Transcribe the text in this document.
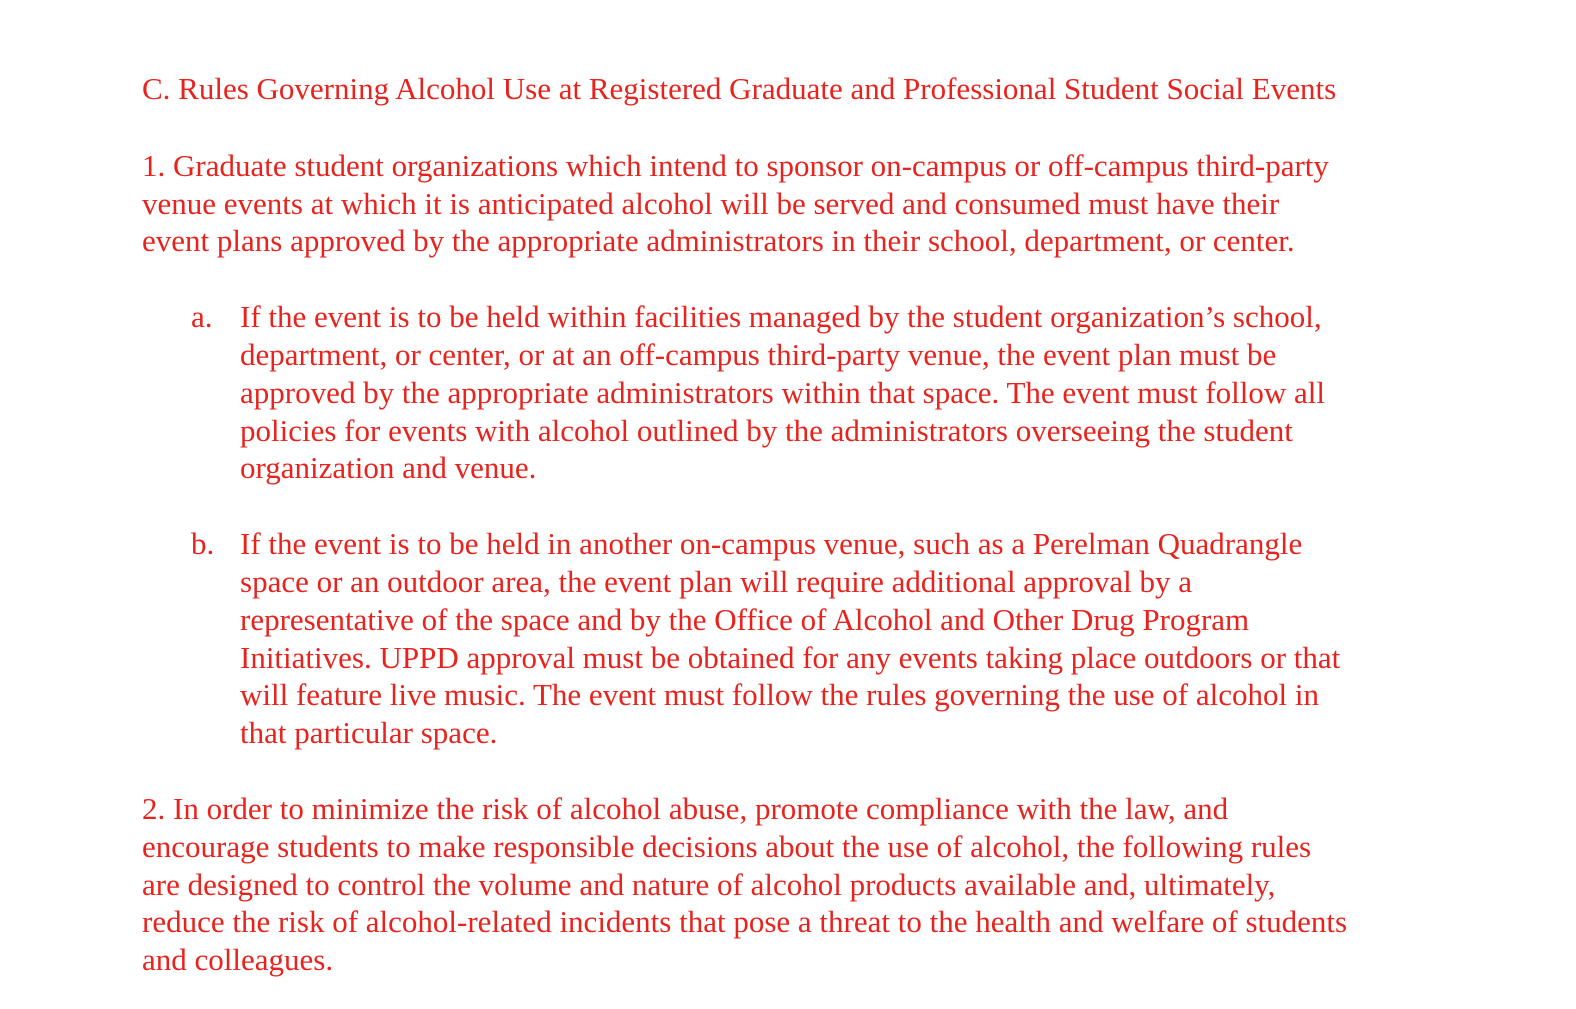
C. Rules Governing Alcohol Use at Registered Graduate and Professional Student Social Events
1. Graduate student organizations which intend to sponsor on-campus or off-campus third-party
venue events at which it is anticipated alcohol will be served and consumed must have their
event plans approved by the appropriate administrators in their school, department, or center.
a. If the event is to be held within facilities managed by the student organization’s school,
department, or center, or at an off-campus third-party venue, the event plan must be
approved by the appropriate administrators within that space. The event must follow all
policies for events with alcohol outlined by the administrators overseeing the student
organization and venue.
b. If the event is to be held in another on-campus venue, such as a Perelman Quadrangle
space or an outdoor area, the event plan will require additional approval by a
representative of the space and by the Office of Alcohol and Other Drug Program
Initiatives. UPPD approval must be obtained for any events taking place outdoors or that
will feature live music. The event must follow the rules governing the use of alcohol in
that particular space.
2. In order to minimize the risk of alcohol abuse, promote compliance with the law, and
encourage students to make responsible decisions about the use of alcohol, the following rules
are designed to control the volume and nature of alcohol products available and, ultimately,
reduce the risk of alcohol-related incidents that pose a threat to the health and welfare of students
and colleagues.
